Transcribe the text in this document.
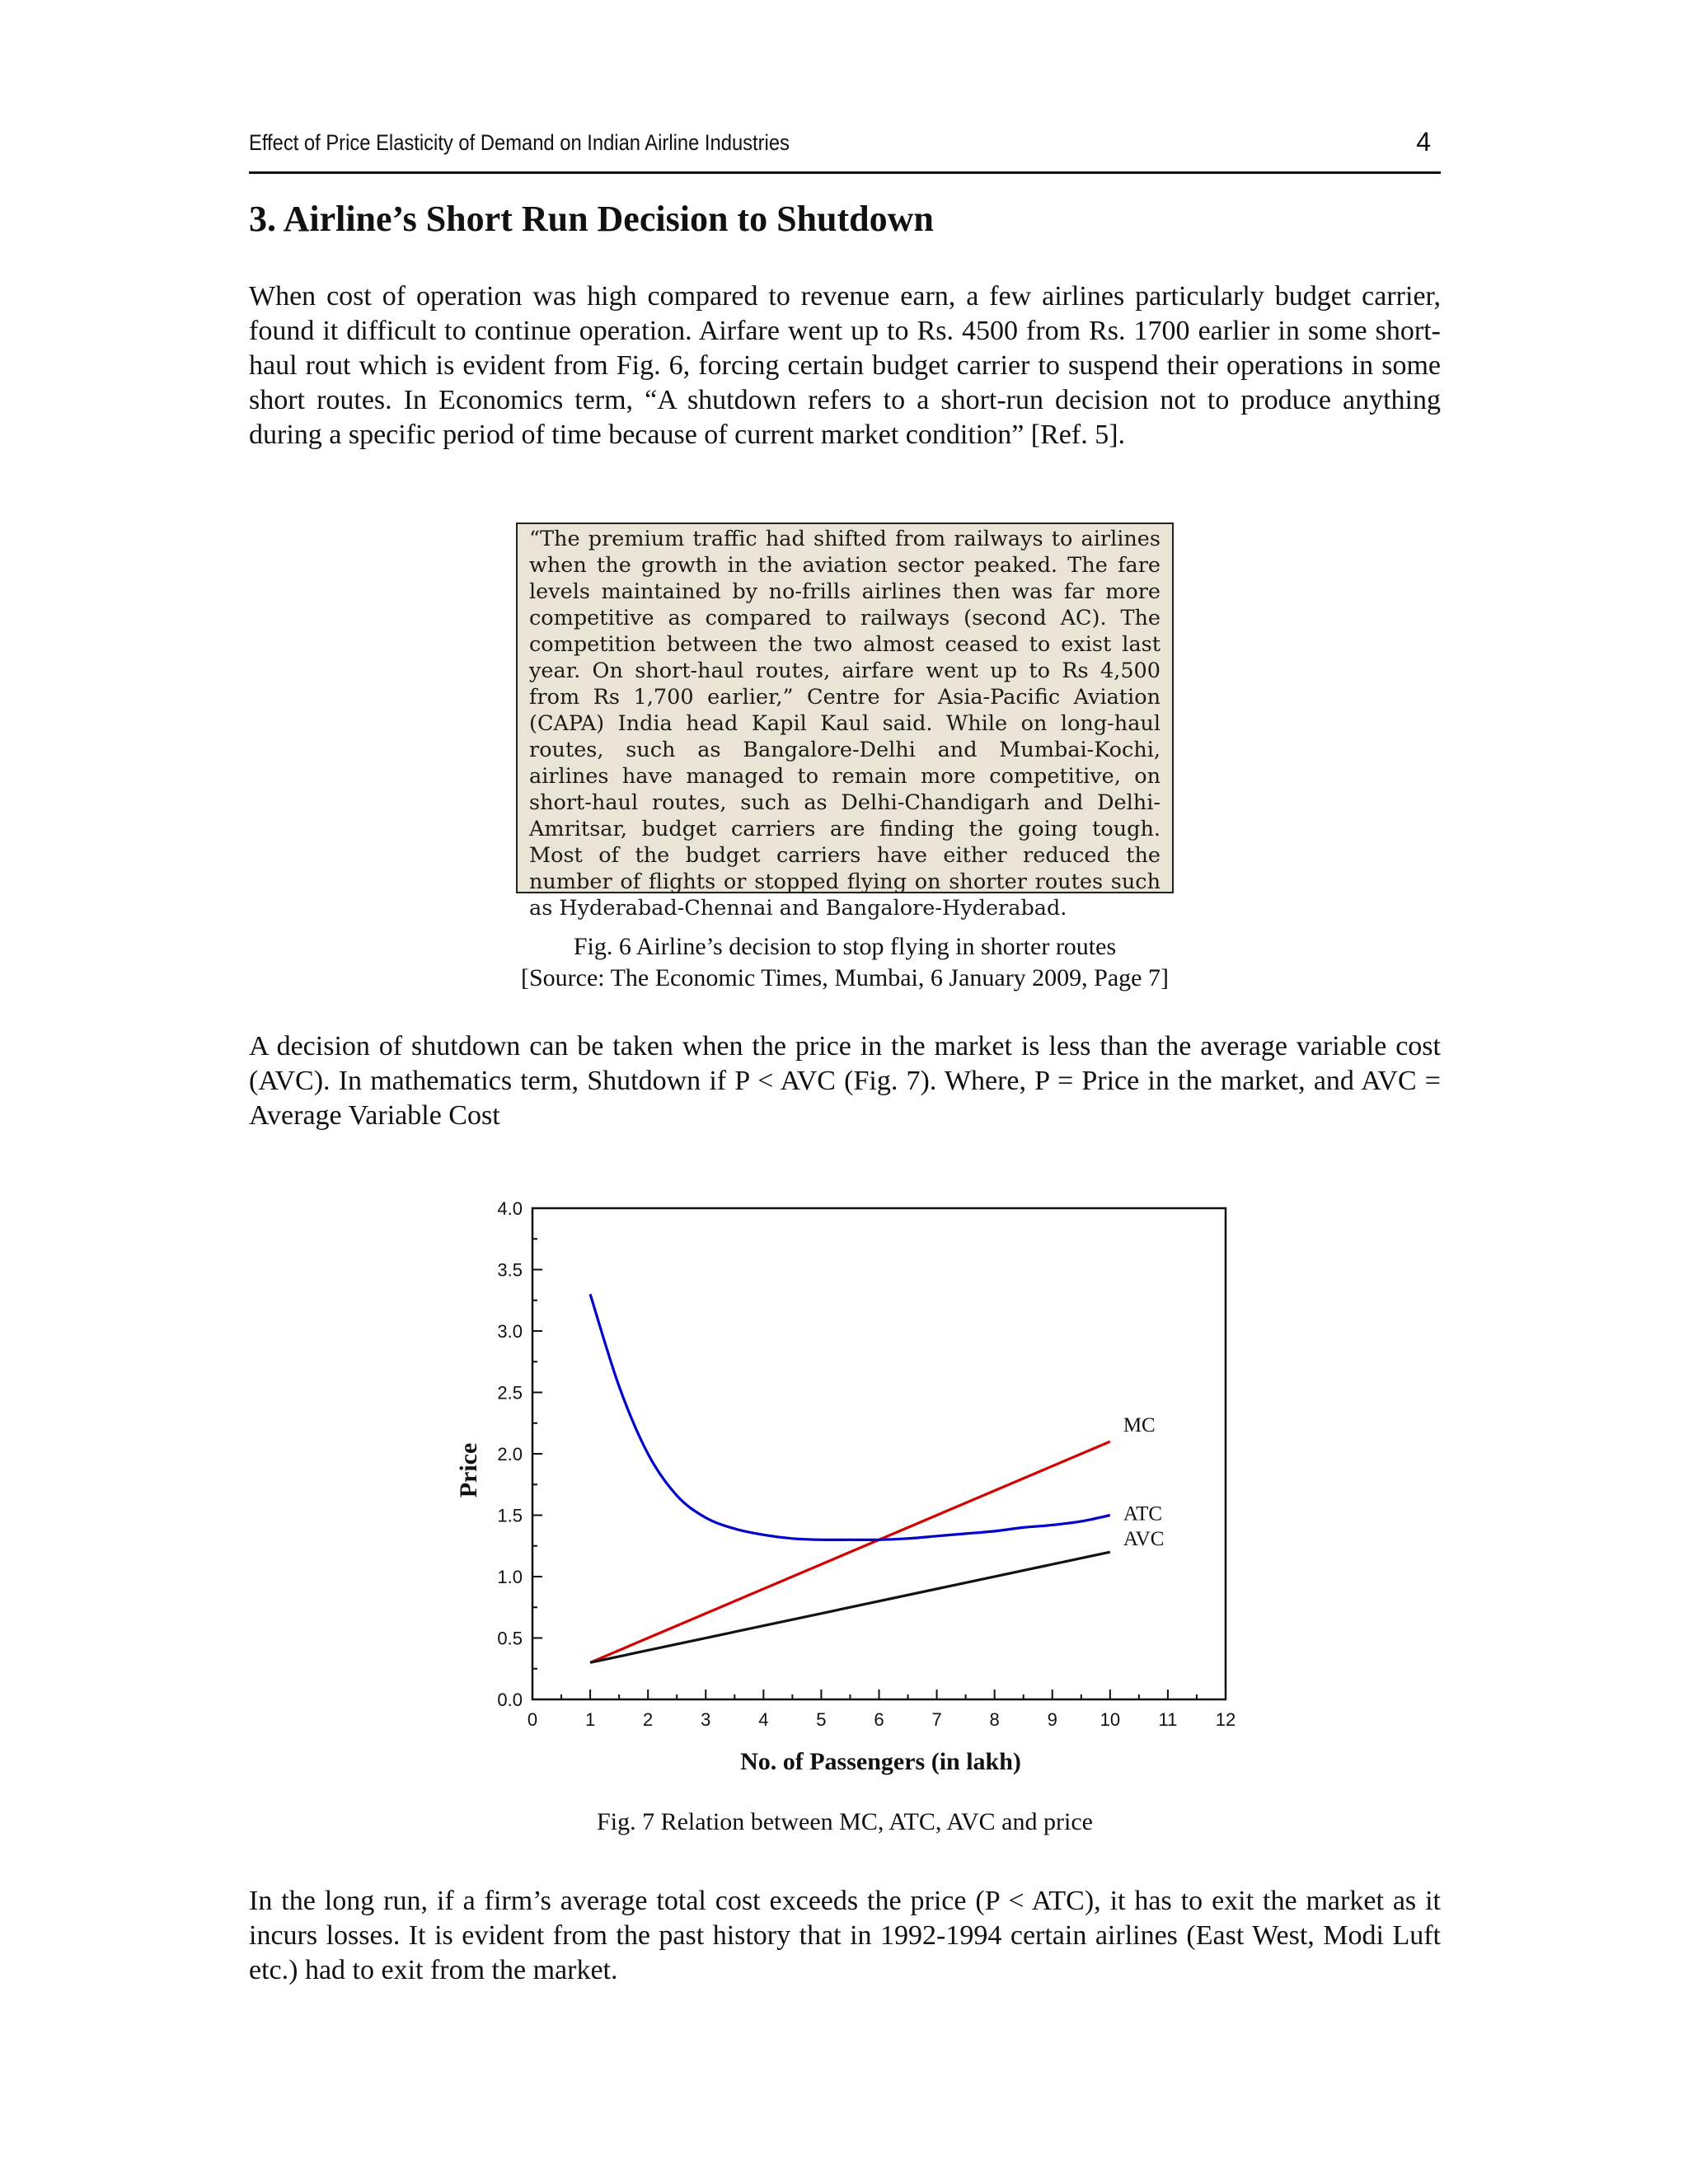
Effect of Price Elasticity of Demand on Indian Airline Industries	4
3. Airline’s Short Run Decision to Shutdown

When cost of operation was high compared to revenue earn, a few airlines particularly budget carrier, found it difficult to continue operation. Airfare went up to Rs. 4500 from Rs. 1700 earlier in some short-haul rout which is evident from Fig. 6, forcing certain budget carrier to suspend their operations in some short routes. In Economics term, “A shutdown refers to a short-run decision not to produce anything during a specific period of time because of current market condition” [Ref. 5].

“The premium traffic had shifted from railways to airlines when the growth in the aviation sector peaked. The fare levels maintained by no-frills airlines then was far more competitive as compared to railways (second AC). The competition between the two almost ceased to exist last year. On short-haul routes, airfare went up to Rs 4,500 from Rs 1,700 earlier,” Centre for Asia-Pacific Aviation (CAPA) India head Kapil Kaul said. While on long-haul routes, such as Bangalore-Delhi and Mumbai-Kochi, airlines have managed to remain more competitive, on short-haul routes, such as Delhi-Chandigarh and Delhi-Amritsar, budget carriers are finding the going tough. Most of the budget carriers have either reduced the number of flights or stopped flying on shorter routes such as Hyderabad-Chennai and Bangalore-Hyderabad.
Fig. 6 Airline’s decision to stop flying in shorter routes
[Source: The Economic Times, Mumbai, 6 January 2009, Page 7]

A decision of shutdown can be taken when the price in the market is less than the average variable cost (AVC). In mathematics term, Shutdown if P < AVC (Fig. 7). Where, P = Price in the market, and AVC = Average Variable Cost

0	1	2	3	4	5	6	7	8	9 10 11 12
0.0
0.5
1.0
1.5
2.0
2.5
3.0
3.5
4.0
No. of Passengers (in lakh)
Price
MC
ATC
AVC
Fig. 7 Relation between MC, ATC, AVC and price

In the long run, if a firm’s average total cost exceeds the price (P < ATC), it has to exit the market as it incurs losses. It is evident from the past history that in 1992-1994 certain airlines (East West, Modi Luft etc.) had to exit from the market.
